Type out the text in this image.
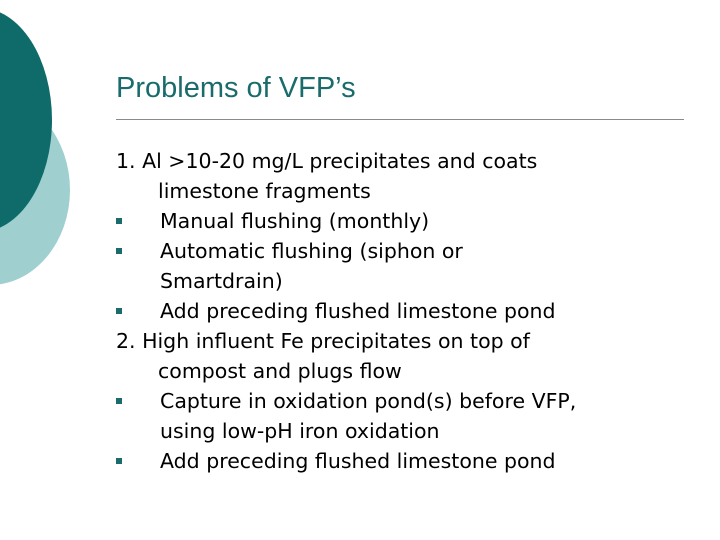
Problems of VFP’s
1. Al >10-20 mg/L precipitates and coats
limestone fragments
Manual flushing (monthly)
Automatic flushing (siphon or
Smartdrain)
Add preceding flushed limestone pond
2. High influent Fe precipitates on top of
compost and plugs flow
Capture in oxidation pond(s) before VFP,
using low-pH iron oxidation
Add preceding flushed limestone pond
